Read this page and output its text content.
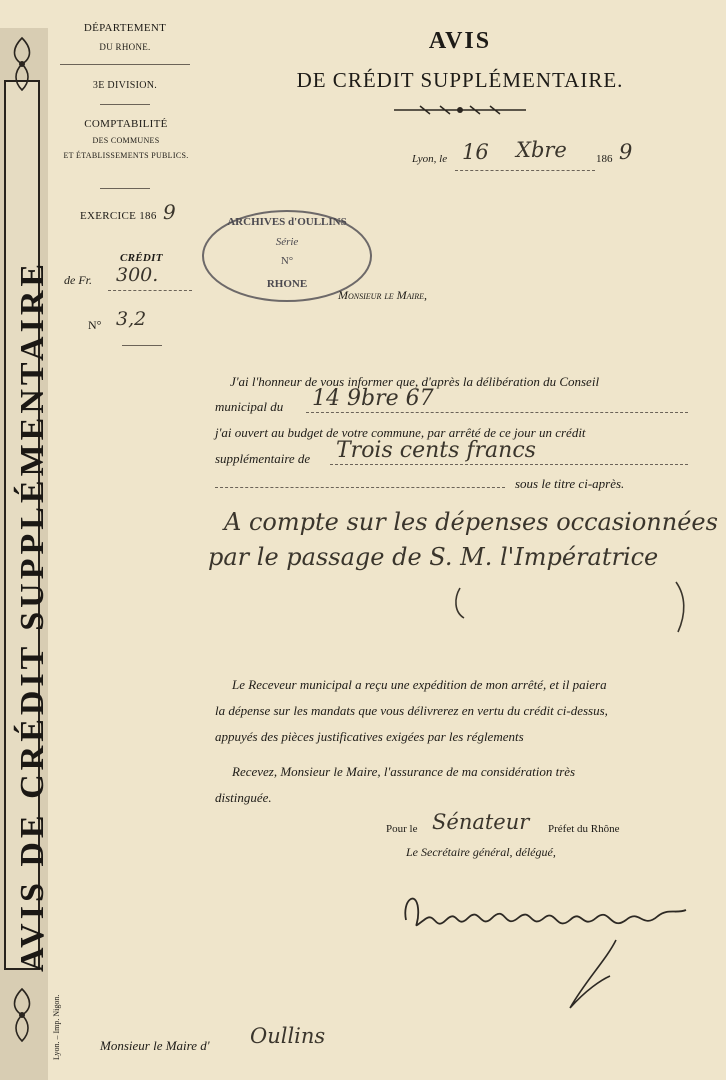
AVIS DE CRÉDIT SUPPLÉMENTAIRE
Lyon. – Imp. Nigon.
DÉPARTEMENT
DU RHONE.
3E DIVISION.
COMPTABILITÉ
DES COMMUNES
ET ÉTABLISSEMENTS PUBLICS.
EXERCICE 186 9
CRÉDIT
de Fr. 300.
N° 3,2
ARCHIVES d'OULLINS
Série
N°
RHONE
AVIS
DE CRÉDIT SUPPLÉMENTAIRE.
Lyon, le 16 Xbre	186 9
Monsieur le Maire,
J'ai l'honneur de vous informer que, d'après la délibération du Conseil
municipal du 14 9bre 67
j'ai ouvert au budget de votre commune, par arrêté de ce jour un crédit
supplémentaire de Trois cents francs
sous le titre ci-après.
A compte sur les dépenses occasionnées
par le passage de S. M. l'Impératrice
Le Receveur municipal a reçu une expédition de mon arrêté, et il paiera
la dépense sur les mandats que vous délivrerez en vertu du crédit ci-dessus,
appuyés des pièces justificatives exigées par les réglements
Recevez, Monsieur le Maire, l'assurance de ma considération très
distinguée.
Pour le Sénateur Préfet du Rhône
Le Secrétaire général, délégué,
Monsieur le Maire d' Oullins
